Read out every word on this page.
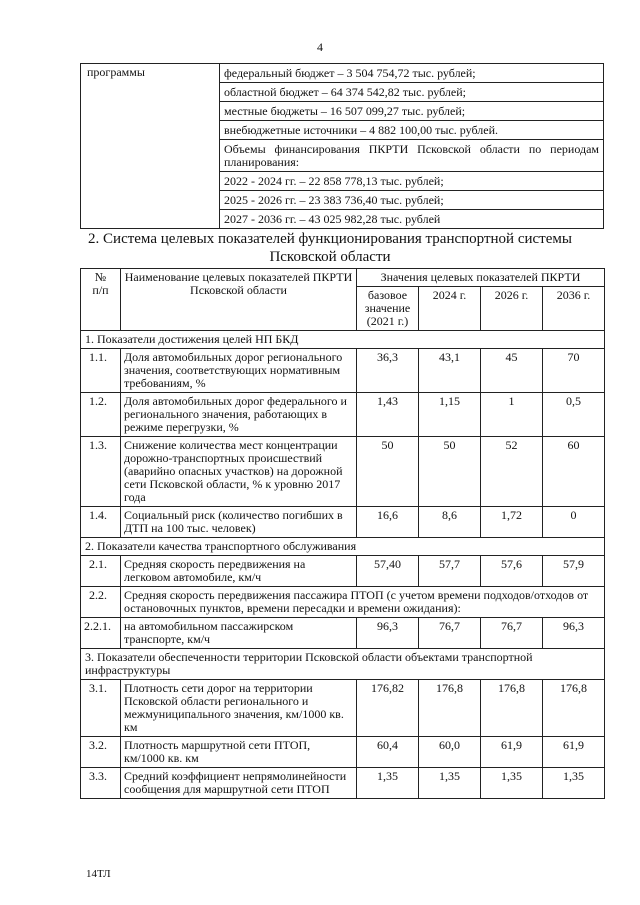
4
программы	федеральный бюджет – 3 504 754,72 тыс. рублей;
областной бюджет – 64 374 542,82 тыс. рублей;
местные бюджеты – 16 507 099,27 тыс. рублей;
внебюджетные источники – 4 882 100,00 тыс. рублей.
Объемы финансирования ПКРТИ Псковской области по периодам планирования:
2022 - 2024 гг. – 22 858 778,13 тыс. рублей;
2025 - 2026 гг. – 23 383 736,40 тыс. рублей;
2027 - 2036 гг. – 43 025 982,28 тыс. рублей
2. Система целевых показателей функционирования транспортной системы Псковской области
№
п/п	Наименование целевых показателей ПКРТИ Псковской области	Значения целевых показателей ПКРТИ			
		базовое значение (2021 г.)	2024 г.	2026 г.	2036 г.
1. Показатели достижения целей НП БКД					
1.1.	Доля автомобильных дорог регионального значения, соответствующих нормативным требованиям, %	36,3	43,1	45	70
1.2.	Доля автомобильных дорог федерального и регионального значения, работающих в режиме перегрузки, %	1,43	1,15	1	0,5
1.3.	Снижение количества мест концентрации дорожно-транспортных происшествий (аварийно опасных участков) на дорожной сети Псковской области, % к уровню 2017 года	50	50	52	60
1.4.	Социальный риск (количество погибших в ДТП на 100 тыс. человек)	16,6	8,6	1,72	0
2. Показатели качества транспортного обслуживания					
2.1.	Средняя скорость передвижения на легковом автомобиле, км/ч	57,40	57,7	57,6	57,9
2.2.	Средняя скорость передвижения пассажира ПТОП (с учетом времени подходов/отходов от остановочных пунктов, времени пересадки и времени ожидания):				
2.2.1.	на автомобильном пассажирском транспорте, км/ч	96,3	76,7	76,7	96,3
3. Показатели обеспеченности территории Псковской области объектами транспортной инфраструктуры					
3.1.	Плотность сети дорог на территории Псковской области регионального и межмуниципального значения, км/1000 кв. км	176,82	176,8	176,8	176,8
3.2.	Плотность маршрутной сети ПТОП, км/1000 кв. км	60,4	60,0	61,9	61,9
3.3.	Средний коэффициент непрямолинейности сообщения для маршрутной сети ПТОП	1,35	1,35	1,35	1,35
14ТЛ
